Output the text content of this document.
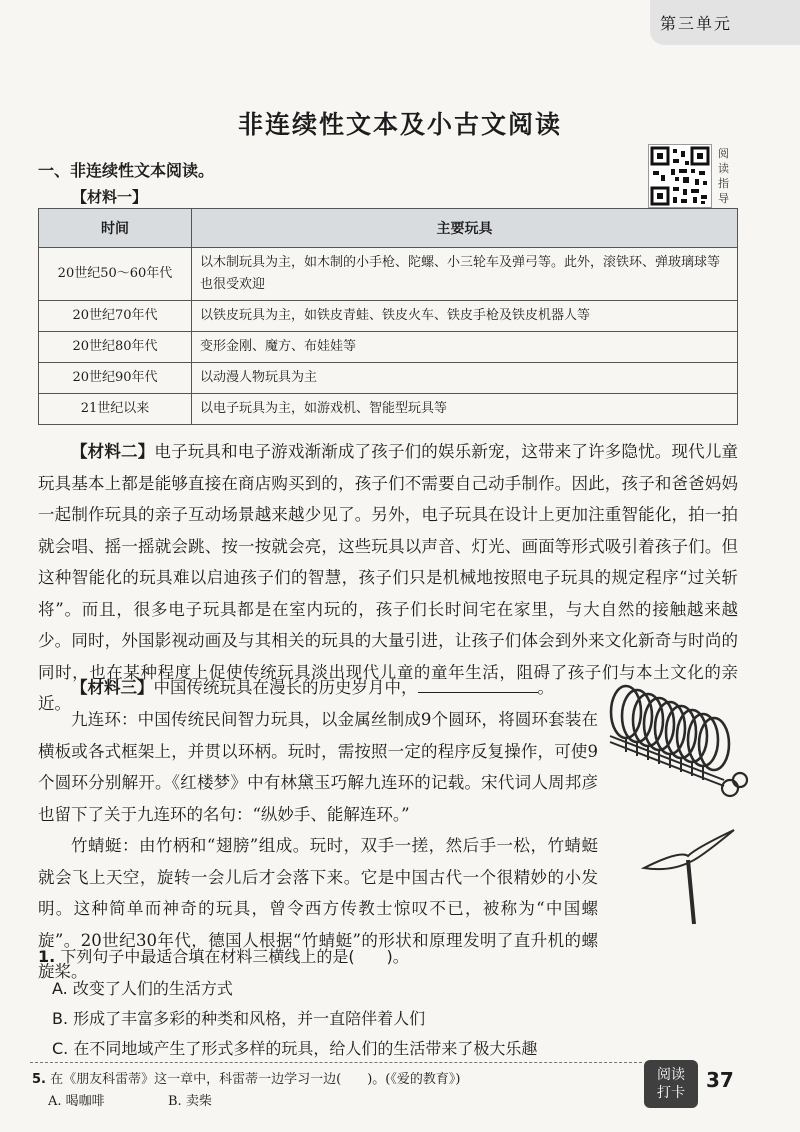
第三单元
非连续性文本及小古文阅读
一、非连续性文本阅读。
【材料一】
阅读指导
时间	主要玩具
20世纪50～60年代	以木制玩具为主，如木制的小手枪、陀螺、小三轮车及弹弓等。此外，滚铁环、弹玻璃球等也很受欢迎
20世纪70年代	以铁皮玩具为主，如铁皮青蛙、铁皮火车、铁皮手枪及铁皮机器人等
20世纪80年代	变形金刚、魔方、布娃娃等
20世纪90年代	以动漫人物玩具为主
21世纪以来	以电子玩具为主，如游戏机、智能型玩具等

【材料二】电子玩具和电子游戏渐渐成了孩子们的娱乐新宠，这带来了许多隐忧。现代儿童玩具基本上都是能够直接在商店购买到的，孩子们不需要自己动手制作。因此，孩子和爸爸妈妈一起制作玩具的亲子互动场景越来越少见了。另外，电子玩具在设计上更加注重智能化，拍一拍就会唱、摇一摇就会跳、按一按就会亮，这些玩具以声音、灯光、画面等形式吸引着孩子们。但这种智能化的玩具难以启迪孩子们的智慧，孩子们只是机械地按照电子玩具的规定程序“过关斩将”。而且，很多电子玩具都是在室内玩的，孩子们长时间宅在家里，与大自然的接触越来越少。同时，外国影视动画及与其相关的玩具的大量引进，让孩子们体会到外来文化新奇与时尚的同时，也在某种程度上促使传统玩具淡出现代儿童的童年生活，阻碍了孩子们与本土文化的亲近。

【材料三】中国传统玩具在漫长的历史岁月中，	。

九连环：中国传统民间智力玩具，以金属丝制成9个圆环，将圆环套装在横板或各式框架上，并贯以环柄。玩时，需按照一定的程序反复操作，可使9个圆环分别解开。《红楼梦》中有林黛玉巧解九连环的记载。宋代词人周邦彦也留下了关于九连环的名句：“纵妙手、能解连环。”

竹蜻蜓：由竹柄和“翅膀”组成。玩时，双手一搓，然后手一松，竹蜻蜓就会飞上天空，旋转一会儿后才会落下来。它是中国古代一个很精妙的小发明。这种简单而神奇的玩具，曾令西方传教士惊叹不已，被称为“中国螺旋”。20世纪30年代，德国人根据“竹蜻蜓”的形状和原理发明了直升机的螺旋桨。

1. 下列句子中最适合填在材料三横线上的是(　　)。
A. 改变了人们的生活方式
B. 形成了丰富多彩的种类和风格，并一直陪伴着人们
C. 在不同地域产生了形式多样的玩具，给人们的生活带来了极大乐趣
5. 在《朋友科雷蒂》这一章中，科雷蒂一边学习一边(　　)。(《爱的教育》)
A. 喝咖啡	B. 卖柴
阅读
打卡
37
